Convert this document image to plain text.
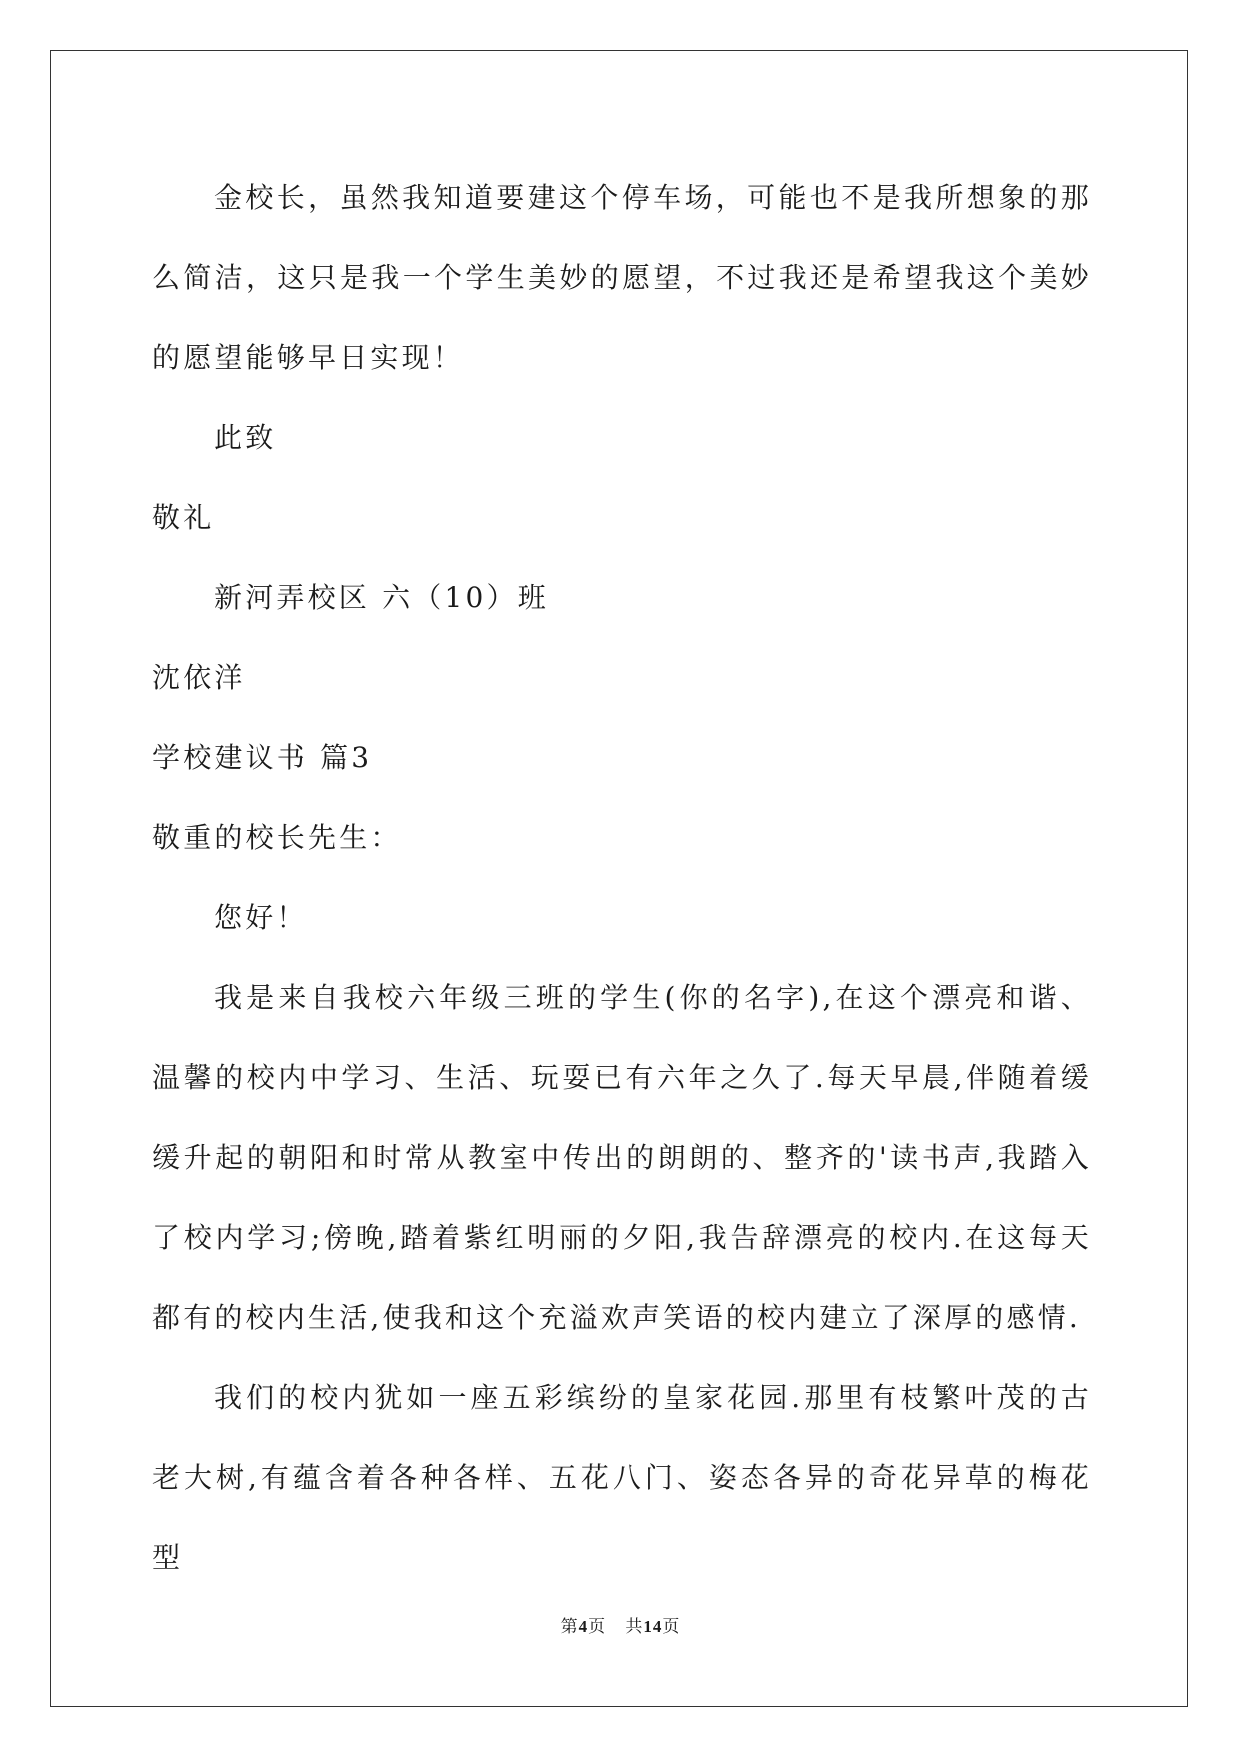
金校长，虽然我知道要建这个停车场，可能也不是我所想象的那么简洁，这只是我一个学生美妙的愿望，不过我还是希望我这个美妙的愿望能够早日实现！

此致

敬礼

新河弄校区 六（10）班

沈依洋

学校建议书 篇3

敬重的校长先生：

您好！

我是来自我校六年级三班的学生(你的名字),在这个漂亮和谐、温馨的校内中学习、生活、玩耍已有六年之久了.每天早晨,伴随着缓缓升起的朝阳和时常从教室中传出的朗朗的、整齐的'读书声,我踏入了校内学习;傍晚,踏着紫红明丽的夕阳,我告辞漂亮的校内.在这每天都有的校内生活,使我和这个充溢欢声笑语的校内建立了深厚的感情.

我们的校内犹如一座五彩缤纷的皇家花园.那里有枝繁叶茂的古老大树,有蕴含着各种各样、五花八门、姿态各异的奇花异草的梅花型

第4页 共14页
